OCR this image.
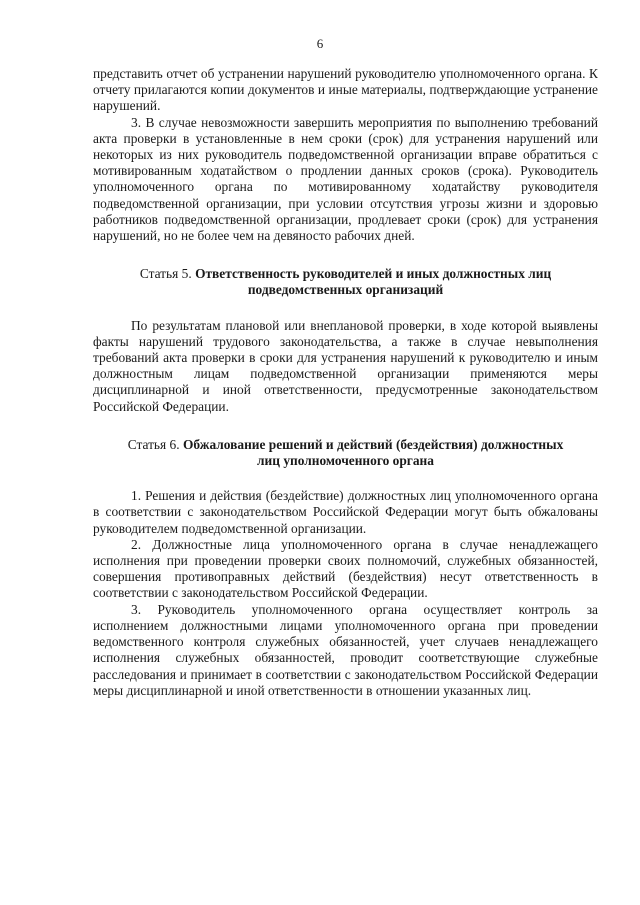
6

представить отчет об устранении нарушений руководителю уполномоченного органа. К отчету прилагаются копии документов и иные материалы, подтверждающие устранение нарушений.

3. В случае невозможности завершить мероприятия по выполнению требований акта проверки в установленные в нем сроки (срок) для устранения нарушений или некоторых из них руководитель подведомственной организации вправе обратиться с мотивированным ходатайством о продлении данных сроков (срока). Руководитель уполномоченного органа по мотивированному ходатайству руководителя подведомственной организации, при условии отсутствия угрозы жизни и здоровью работников подведомственной организации, продлевает сроки (срок) для устранения нарушений, но не более чем на девяносто рабочих дней.

Статья 5. Ответственность руководителей и иных должностных лиц подведомственных организаций

По результатам плановой или внеплановой проверки, в ходе которой выявлены факты нарушений трудового законодательства, а также в случае невыполнения требований акта проверки в сроки для устранения нарушений к руководителю и иным должностным лицам подведомственной организации применяются меры дисциплинарной и иной ответственности, предусмотренные законодательством Российской Федерации.

Статья 6. Обжалование решений и действий (бездействия) должностных лиц уполномоченного органа

1. Решения и действия (бездействие) должностных лиц уполномоченного органа в соответствии с законодательством Российской Федерации могут быть обжалованы руководителем подведомственной организации.

2. Должностные лица уполномоченного органа в случае ненадлежащего исполнения при проведении проверки своих полномочий, служебных обязанностей, совершения противоправных действий (бездействия) несут ответственность в соответствии с законодательством Российской Федерации.

3. Руководитель уполномоченного органа осуществляет контроль за исполнением должностными лицами уполномоченного органа при проведении ведомственного контроля служебных обязанностей, учет случаев ненадлежащего исполнения служебных обязанностей, проводит соответствующие служебные расследования и принимает в соответствии с законодательством Российской Федерации меры дисциплинарной и иной ответственности в отношении указанных лиц.
